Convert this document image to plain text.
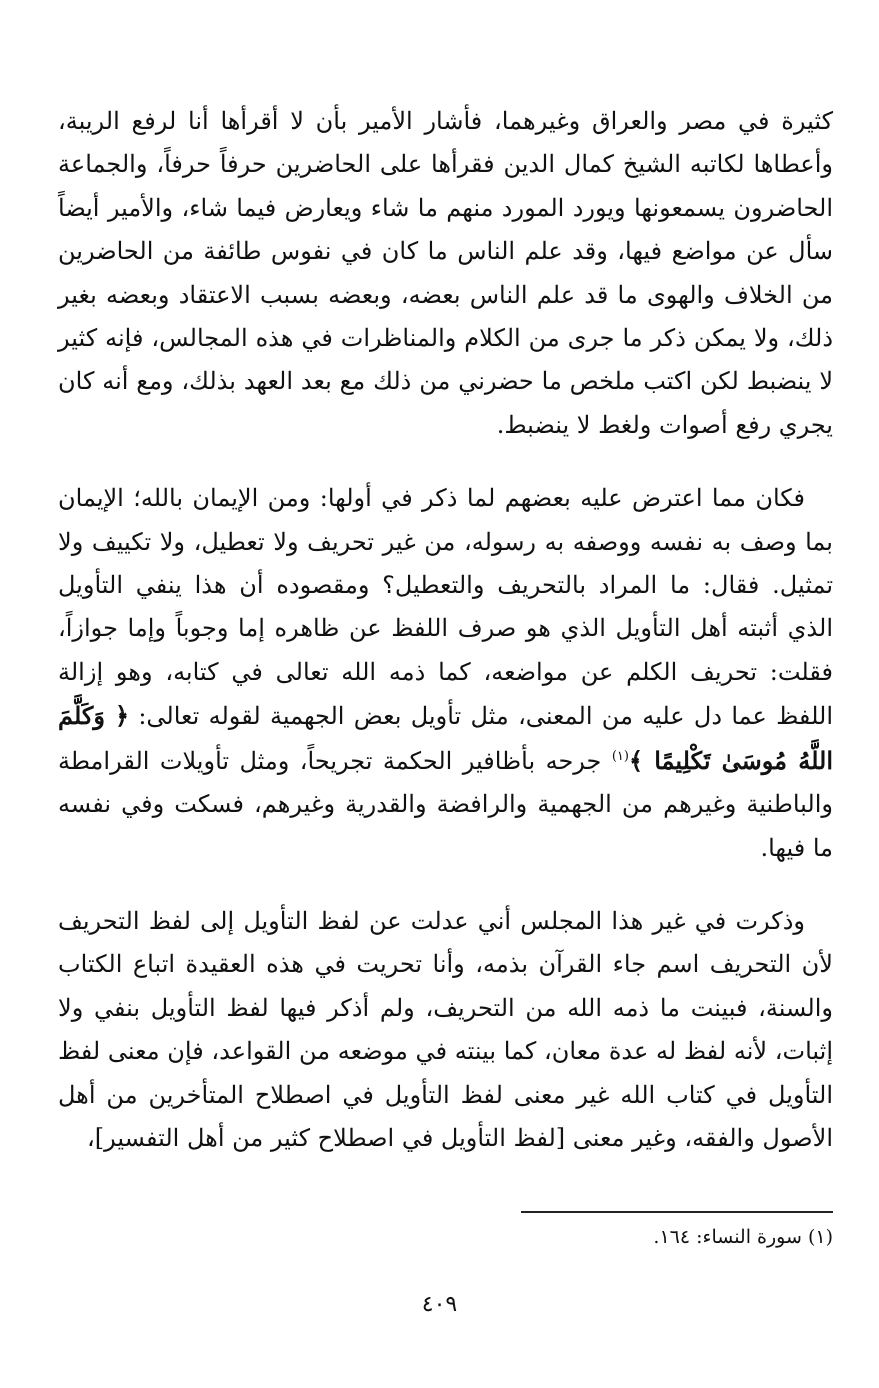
كثيرة في مصر والعراق وغيرهما، فأشار الأمير بأن لا أقرأها أنا لرفع الريبة، وأعطاها لكاتبه الشيخ كمال الدين فقرأها على الحاضرين حرفاً حرفاً، والجماعة الحاضرون يسمعونها ويورد المورد منهم ما شاء ويعارض فيما شاء، والأمير أيضاً سأل عن مواضع فيها، وقد علم الناس ما كان في نفوس طائفة من الحاضرين من الخلاف والهوى ما قد علم الناس بعضه، وبعضه بسبب الاعتقاد وبعضه بغير ذلك، ولا يمكن ذكر ما جرى من الكلام والمناظرات في هذه المجالس، فإنه كثير لا ينضبط لكن اكتب ملخص ما حضرني من ذلك مع بعد العهد بذلك، ومع أنه كان يجري رفع أصوات ولغط لا ينضبط.

فكان مما اعترض عليه بعضهم لما ذكر في أولها: ومن الإيمان بالله؛ الإيمان بما وصف به نفسه ووصفه به رسوله، من غير تحريف ولا تعطيل، ولا تكييف ولا تمثيل. فقال: ما المراد بالتحريف والتعطيل؟ ومقصوده أن هذا ينفي التأويل الذي أثبته أهل التأويل الذي هو صرف اللفظ عن ظاهره إما وجوباً وإما جوازاً، فقلت: تحريف الكلم عن مواضعه، كما ذمه الله تعالى في كتابه، وهو إزالة اللفظ عما دل عليه من المعنى، مثل تأويل بعض الجهمية لقوله تعالى: ﴿ وَكَلَّمَ اللَّهُ مُوسَىٰ تَكْلِيمًا ﴾$^{(١)}$ جرحه بأظافير الحكمة تجريحاً، ومثل تأويلات القرامطة والباطنية وغيرهم من الجهمية والرافضة والقدرية وغيرهم، فسكت وفي نفسه ما فيها.

وذكرت في غير هذا المجلس أني عدلت عن لفظ التأويل إلى لفظ التحريف لأن التحريف اسم جاء القرآن بذمه، وأنا تحريت في هذه العقيدة اتباع الكتاب والسنة، فبينت ما ذمه الله من التحريف، ولم أذكر فيها لفظ التأويل بنفي ولا إثبات، لأنه لفظ له عدة معان، كما بينته في موضعه من القواعد، فإن معنى لفظ التأويل في كتاب الله غير معنى لفظ التأويل في اصطلاح المتأخرين من أهل الأصول والفقه، وغير معنى [لفظ التأويل في اصطلاح كثير من أهل التفسير]،

(١) سورة النساء: ١٦٤.
٤٠٩
